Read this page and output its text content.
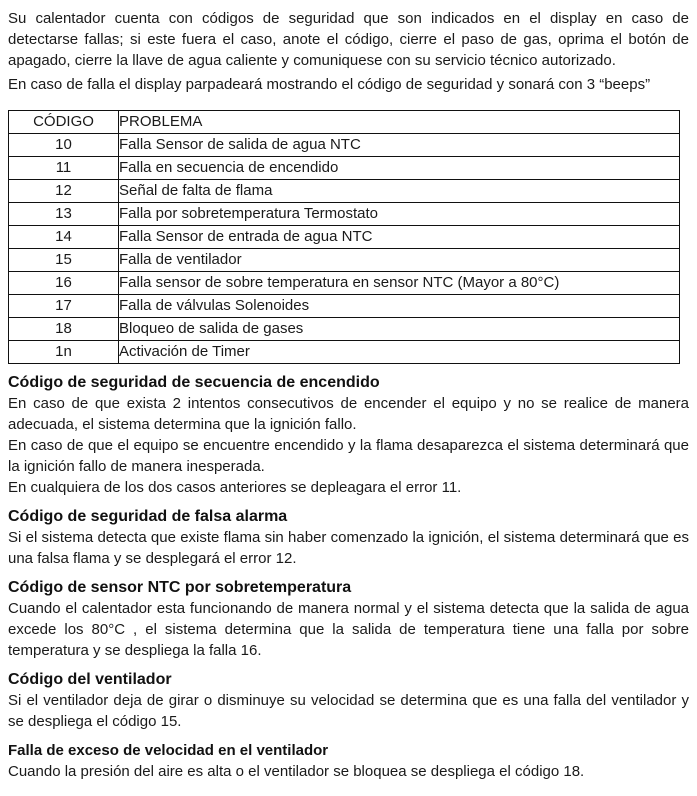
Su calentador cuenta con códigos de seguridad que son indicados en el display en caso de detectarse fallas; si este fuera el caso, anote el código, cierre el paso de gas, oprima el botón de apagado, cierre la llave de agua caliente y comuniquese con su servicio técnico autorizado.

En caso de falla el display parpadeará mostrando el código de seguridad y sonará con 3 “beeps”

CÓDIGO	PROBLEMA
10	Falla Sensor de salida de agua NTC
11	Falla en secuencia de encendido
12	Señal de falta de flama
13	Falla por sobretemperatura Termostato
14	Falla Sensor de entrada de agua NTC
15	Falla de ventilador
16	Falla sensor de sobre temperatura en sensor NTC (Mayor a 80°C)
17	Falla de válvulas Solenoides
18	Bloqueo de salida de gases
1n	Activación de Timer
Código de seguridad de secuencia de encendido

En caso de que exista 2 intentos consecutivos de encender el equipo y no se realice de manera adecuada, el sistema determina que la ignición fallo.

En caso de que el equipo se encuentre encendido y la flama desaparezca el sistema determinará que la ignición fallo de manera inesperada.

En cualquiera de los dos casos anteriores se depleagara el error 11.

Código de seguridad de falsa alarma

Si el sistema detecta que existe flama sin haber comenzado la ignición, el sistema determinará que es una falsa flama y se desplegará el error 12.

Código de sensor NTC por sobretemperatura

Cuando el calentador esta funcionando de manera normal y el sistema detecta que la salida de agua excede los 80°C , el sistema determina que la salida de temperatura tiene una falla por sobre temperatura y se despliega la falla 16.

Código del ventilador

Si el ventilador deja de girar o disminuye su velocidad se determina que es una falla del ventilador y se despliega el código 15.

Falla de exceso de velocidad en el ventilador

Cuando la presión del aire es alta o el ventilador se bloquea se despliega el código 18.
